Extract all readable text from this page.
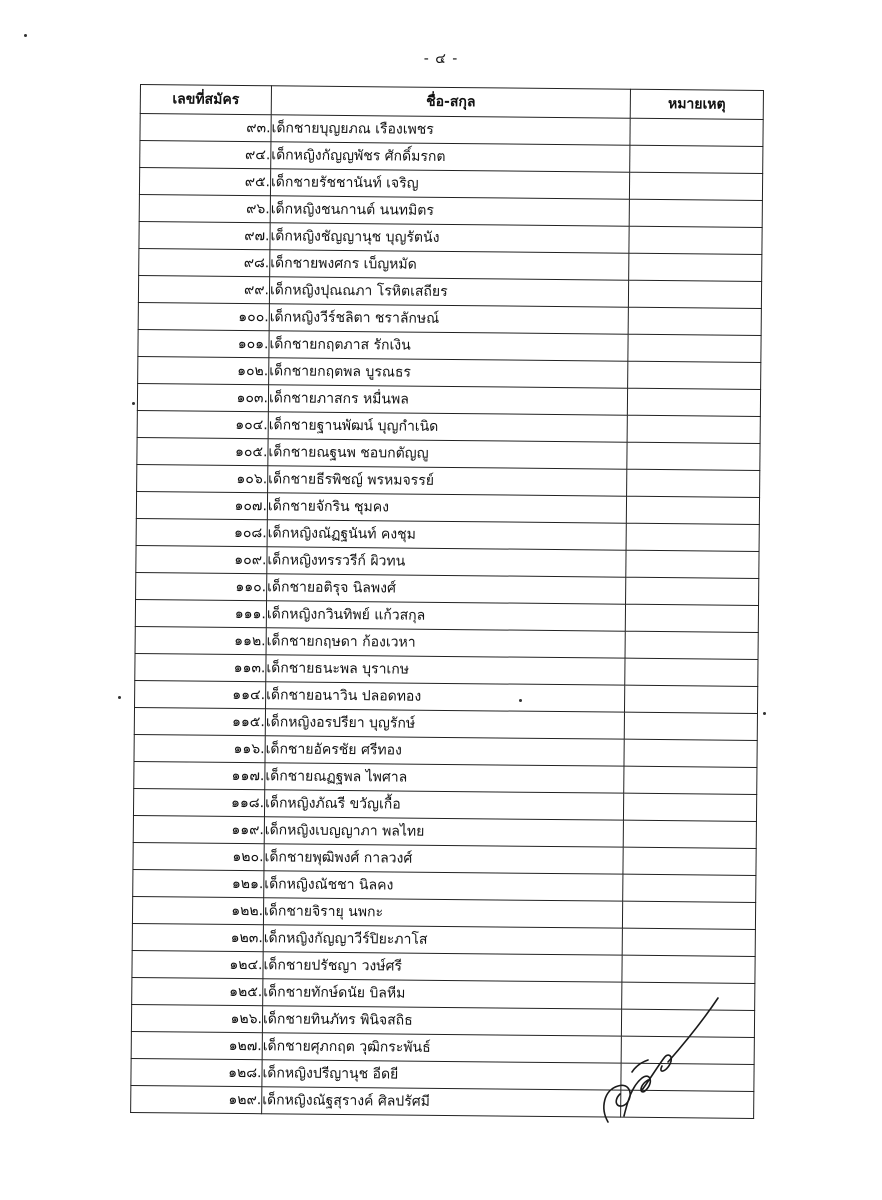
- ๔ -
เลขที่สมัคร	ชื่อ-สกุล	หมายเหตุ
๙๓.	เด็กชายบุญยภณ เรืองเพชร	
๙๔.	เด็กหญิงกัญญพัชร ศักดิ์มรกต	
๙๕.	เด็กชายรัชชานันท์ เจริญ	
๙๖.	เด็กหญิงชนกานต์ นนทมิตร	
๙๗.	เด็กหญิงชัญญานุช บุญรัตนัง	
๙๘.	เด็กชายพงศกร เบ็ญหมัด	
๙๙.	เด็กหญิงปุณณภา โรหิตเสถียร	
๑๐๐.	เด็กหญิงวีร์ชลิตา ชราลักษณ์	
๑๐๑.	เด็กชายกฤตภาส รักเงิน	
๑๐๒.	เด็กชายกฤตพล บูรณธร	
๑๐๓.	เด็กชายภาสกร หมื่นพล	
๑๐๔.	เด็กชายฐานพัฒน์ บุญกำเนิด	
๑๐๕.	เด็กชายณฐนพ ชอบกตัญญู	
๑๐๖.	เด็กชายธีรพิชญ์ พรหมจรรย์	
๑๐๗.	เด็กชายจักริน ชุมคง	
๑๐๘.	เด็กหญิงณัฏฐนันท์ คงชุม	
๑๐๙.	เด็กหญิงทรรวรีก์ ผิวทน	
๑๑๐.	เด็กชายอติรุจ นิลพงศ์	
๑๑๑.	เด็กหญิงกวินทิพย์ แก้วสกุล	
๑๑๒.	เด็กชายกฤษดา ก้องเวหา	
๑๑๓.	เด็กชายธนะพล บุราเกษ	
๑๑๔.	เด็กชายอนาวิน ปลอดทอง	
๑๑๕.	เด็กหญิงอรปรียา บุญรักษ์	
๑๑๖.	เด็กชายอัครชัย ศรีทอง	
๑๑๗.	เด็กชายณฏฐพล ไพศาล	
๑๑๘.	เด็กหญิงภัณรี ขวัญเกื้อ	
๑๑๙.	เด็กหญิงเบญญาภา พลไทย	
๑๒๐.	เด็กชายพุฒิพงศ์ กาลวงศ์	
๑๒๑.	เด็กหญิงณัชชา นิลคง	
๑๒๒.	เด็กชายจิรายุ นพกะ	
๑๒๓.	เด็กหญิงกัญญาวีร์ปิยะภาโส	
๑๒๔.	เด็กชายปรัชญา วงษ์ศรี	
๑๒๕.	เด็กชายทักษ์ดนัย บิลหีม	
๑๒๖.	เด็กชายทินภัทร พินิจสถิธ	
๑๒๗.	เด็กชายศุภกฤต วุฒิกระพันธ์	
๑๒๘.	เด็กหญิงปรีญานุช อีดยี	
๑๒๙.	เด็กหญิงณัฐสุรางค์ ศิลปรัศมี	
